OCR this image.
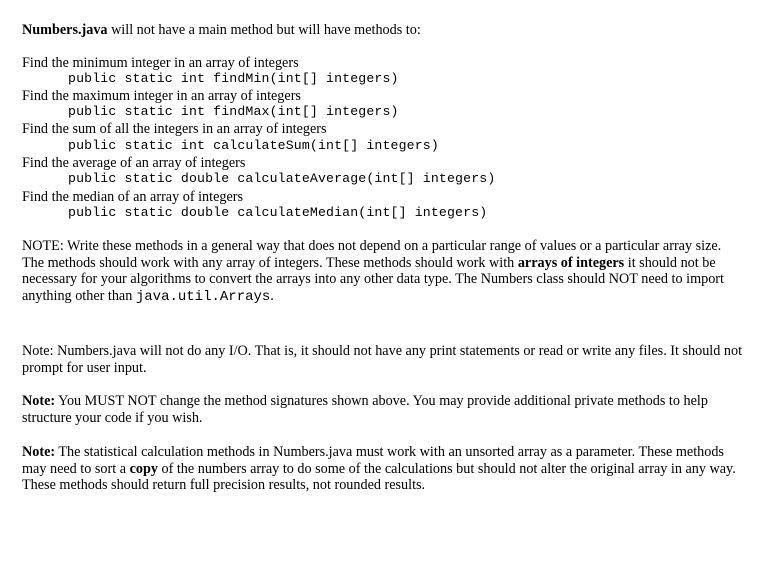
Numbers.java will not have a main method but will have methods to:
Find the minimum integer in an array of integers
public static int findMin(int[] integers)
Find the maximum integer in an array of integers
public static int findMax(int[] integers)
Find the sum of all the integers in an array of integers
public static int calculateSum(int[] integers)
Find the average of an array of integers
public static double calculateAverage(int[] integers)
Find the median of an array of integers
public static double calculateMedian(int[] integers)
NOTE: Write these methods in a general way that does not depend on a particular range of values or a particular array size. The methods should work with any array of integers. These methods should work with arrays of integers it should not be necessary for your algorithms to convert the arrays into any other data type. The Numbers class should NOT need to import anything other than java.util.Arrays.
Note: Numbers.java will not do any I/O. That is, it should not have any print statements or read or write any files. It should not prompt for user input.
Note: You MUST NOT change the method signatures shown above. You may provide additional private methods to help structure your code if you wish.
Note: The statistical calculation methods in Numbers.java must work with an unsorted array as a parameter. These methods may need to sort a copy of the numbers array to do some of the calculations but should not alter the original array in any way. These methods should return full precision results, not rounded results.
